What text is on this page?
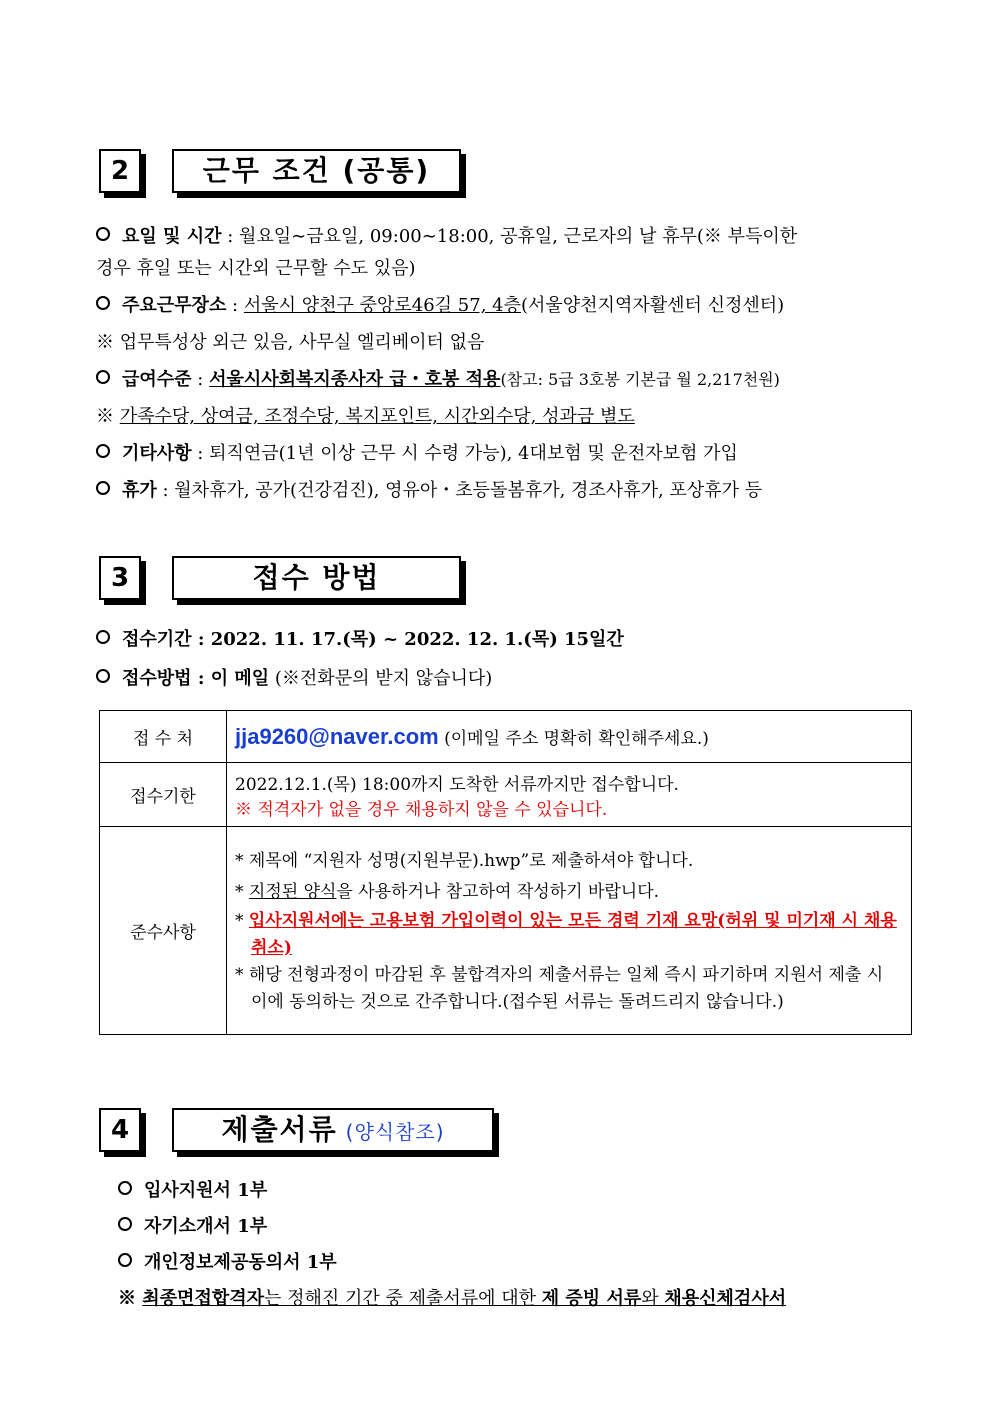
2	근무 조건 (공통)
요일 및 시간 : 월요일∼금요일, 09:00∼18:00, 공휴일, 근로자의 날 휴무(※ 부득이한
경우 휴일 또는 시간외 근무할 수도 있음)
주요근무장소 : 서울시 양천구 중앙로46길 57, 4층(서울양천지역자활센터 신정센터)
※ 업무특성상 외근 있음, 사무실 엘리베이터 없음
급여수준 : 서울시사회복지종사자 급・호봉 적용(참고: 5급 3호봉 기본급 월 2,217천원)
※ 가족수당, 상여금, 조정수당, 복지포인트, 시간외수당, 성과금 별도
기타사항 : 퇴직연금(1년 이상 근무 시 수령 가능), 4대보험 및 운전자보험 가입
휴가 : 월차휴가, 공가(건강검진), 영유아・초등돌봄휴가, 경조사휴가, 포상휴가 등
3	접수 방법
접수기간 : 2022. 11. 17.(목) ~ 2022. 12. 1.(목) 15일간
접수방법 : 이 메일 (※전화문의 받지 않습니다)
접 수 처	jja9260@naver.com (이메일 주소 명확히 확인해주세요.)
접수기한	2022.12.1.(목) 18:00까지 도착한 서류까지만 접수합니다.
※ 적격자가 없을 경우 채용하지 않을 수 있습니다.

준수사항	* 제목에 “지원자 성명(지원부문).hwp”로 제출하셔야 합니다.
* 지정된 양식을 사용하거나 참고하여 작성하기 바랍니다.
* 입사지원서에는 고용보험 가입이력이 있는 모든 경력 기재 요망(허위 및 미기재 시 채용 취소)
* 해당 전형과정이 마감된 후 불합격자의 제출서류는 일체 즉시 파기하며 지원서 제출 시 이에 동의하는 것으로 간주합니다.(접수된 서류는 돌려드리지 않습니다.)
4	제출서류 (양식참조)
입사지원서 1부
자기소개서 1부
개인정보제공동의서 1부
※ 최종면접합격자는 정해진 기간 중 제출서류에 대한 제 증빙 서류와 채용신체검사서
